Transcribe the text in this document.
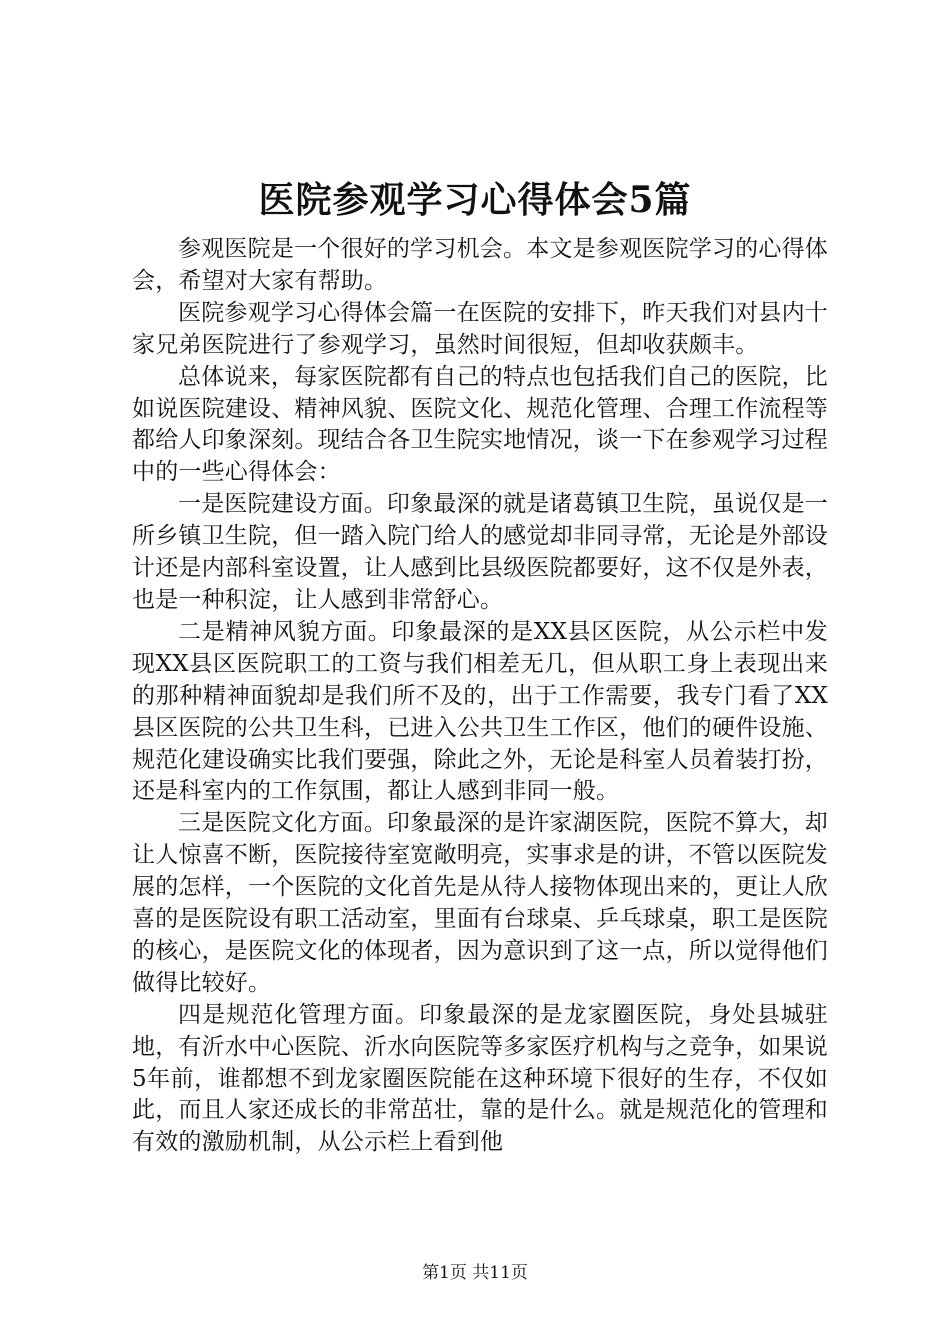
医院参观学习心得体会5篇

参观医院是一个很好的学习机会。本文是参观医院学习的心得体会，希望对大家有帮助。

医院参观学习心得体会篇一在医院的安排下，昨天我们对县内十家兄弟医院进行了参观学习，虽然时间很短，但却收获颇丰。

总体说来，每家医院都有自己的特点也包括我们自己的医院，比如说医院建设、精神风貌、医院文化、规范化管理、合理工作流程等都给人印象深刻。现结合各卫生院实地情况，谈一下在参观学习过程中的一些心得体会：

一是医院建设方面。印象最深的就是诸葛镇卫生院，虽说仅是一所乡镇卫生院，但一踏入院门给人的感觉却非同寻常，无论是外部设计还是内部科室设置，让人感到比县级医院都要好，这不仅是外表，也是一种积淀，让人感到非常舒心。

二是精神风貌方面。印象最深的是XX县区医院，从公示栏中发现XX县区医院职工的工资与我们相差无几，但从职工身上表现出来的那种精神面貌却是我们所不及的，出于工作需要，我专门看了XX县区医院的公共卫生科，已进入公共卫生工作区，他们的硬件设施、规范化建设确实比我们要强，除此之外，无论是科室人员着装打扮，还是科室内的工作氛围，都让人感到非同一般。

三是医院文化方面。印象最深的是许家湖医院，医院不算大，却让人惊喜不断，医院接待室宽敞明亮，实事求是的讲，不管以医院发展的怎样，一个医院的文化首先是从待人接物体现出来的，更让人欣喜的是医院设有职工活动室，里面有台球桌、乒乓球桌，职工是医院的核心，是医院文化的体现者，因为意识到了这一点，所以觉得他们做得比较好。

四是规范化管理方面。印象最深的是龙家圈医院，身处县城驻地，有沂水中心医院、沂水向医院等多家医疗机构与之竞争，如果说5年前，谁都想不到龙家圈医院能在这种环境下很好的生存，不仅如此，而且人家还成长的非常茁壮，靠的是什么。就是规范化的管理和有效的激励机制，从公示栏上看到他

第1页 共11页
